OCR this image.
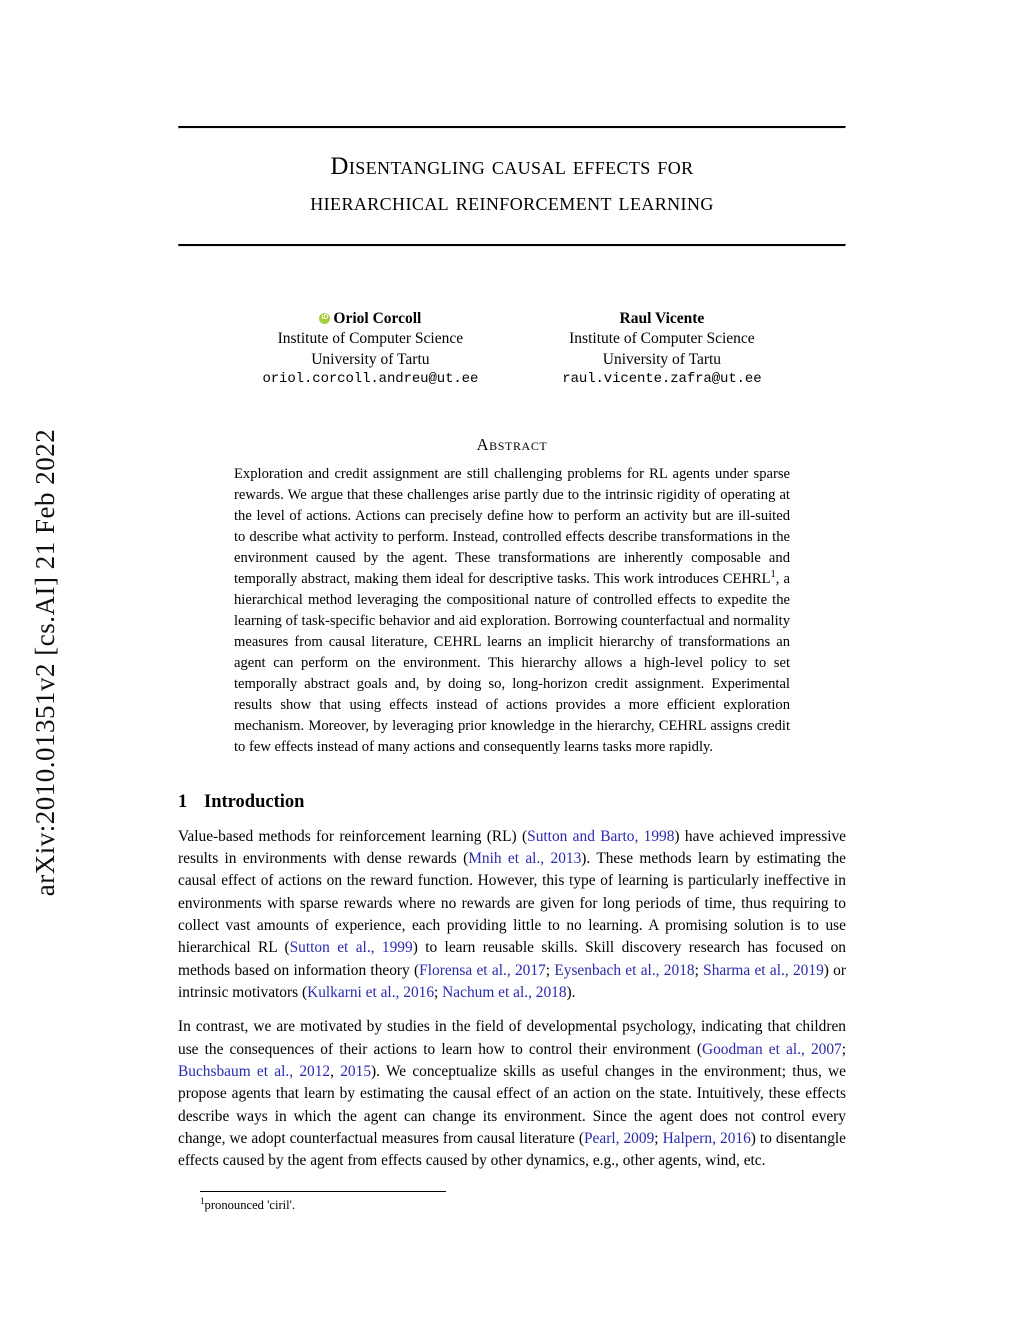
arXiv:2010.01351v2 [cs.AI] 21 Feb 2022
Disentangling causal effects for
hierarchical reinforcement learning
iDOriol Corcoll
Institute of Computer Science
University of Tartu
oriol.corcoll.andreu@ut.ee
Raul Vicente
Institute of Computer Science
University of Tartu
raul.vicente.zafra@ut.ee
Abstract
Exploration and credit assignment are still challenging problems for RL agents under sparse rewards. We argue that these challenges arise partly due to the intrinsic rigidity of operating at the level of actions. Actions can precisely define how to perform an activity but are ill-suited to describe what activity to perform. Instead, controlled effects describe transformations in the environment caused by the agent. These transformations are inherently composable and temporally abstract, making them ideal for descriptive tasks. This work introduces CEHRL$^1$, a hierarchical method leveraging the compositional nature of controlled effects to expedite the learning of task-specific behavior and aid exploration. Borrowing counterfactual and normality measures from causal literature, CEHRL learns an implicit hierarchy of transformations an agent can perform on the environment. This hierarchy allows a high-level policy to set temporally abstract goals and, by doing so, long-horizon credit assignment. Experimental results show that using effects instead of actions provides a more efficient exploration mechanism. Moreover, by leveraging prior knowledge in the hierarchy, CEHRL assigns credit to few effects instead of many actions and consequently learns tasks more rapidly.
1 Introduction

Value-based methods for reinforcement learning (RL) (Sutton and Barto, 1998) have achieved impressive results in environments with dense rewards (Mnih et al., 2013). These methods learn by estimating the causal effect of actions on the reward function. However, this type of learning is particularly ineffective in environments with sparse rewards where no rewards are given for long periods of time, thus requiring to collect vast amounts of experience, each providing little to no learning. A promising solution is to use hierarchical RL (Sutton et al., 1999) to learn reusable skills. Skill discovery research has focused on methods based on information theory (Florensa et al., 2017; Eysenbach et al., 2018; Sharma et al., 2019) or intrinsic motivators (Kulkarni et al., 2016; Nachum et al., 2018).

In contrast, we are motivated by studies in the field of developmental psychology, indicating that children use the consequences of their actions to learn how to control their environment (Goodman et al., 2007; Buchsbaum et al., 2012, 2015). We conceptualize skills as useful changes in the environment; thus, we propose agents that learn by estimating the causal effect of an action on the state. Intuitively, these effects describe ways in which the agent can change its environment. Since the agent does not control every change, we adopt counterfactual measures from causal literature (Pearl, 2009; Halpern, 2016) to disentangle effects caused by the agent from effects caused by other dynamics, e.g., other agents, wind, etc.

$^1$pronounced 'ciril'.
